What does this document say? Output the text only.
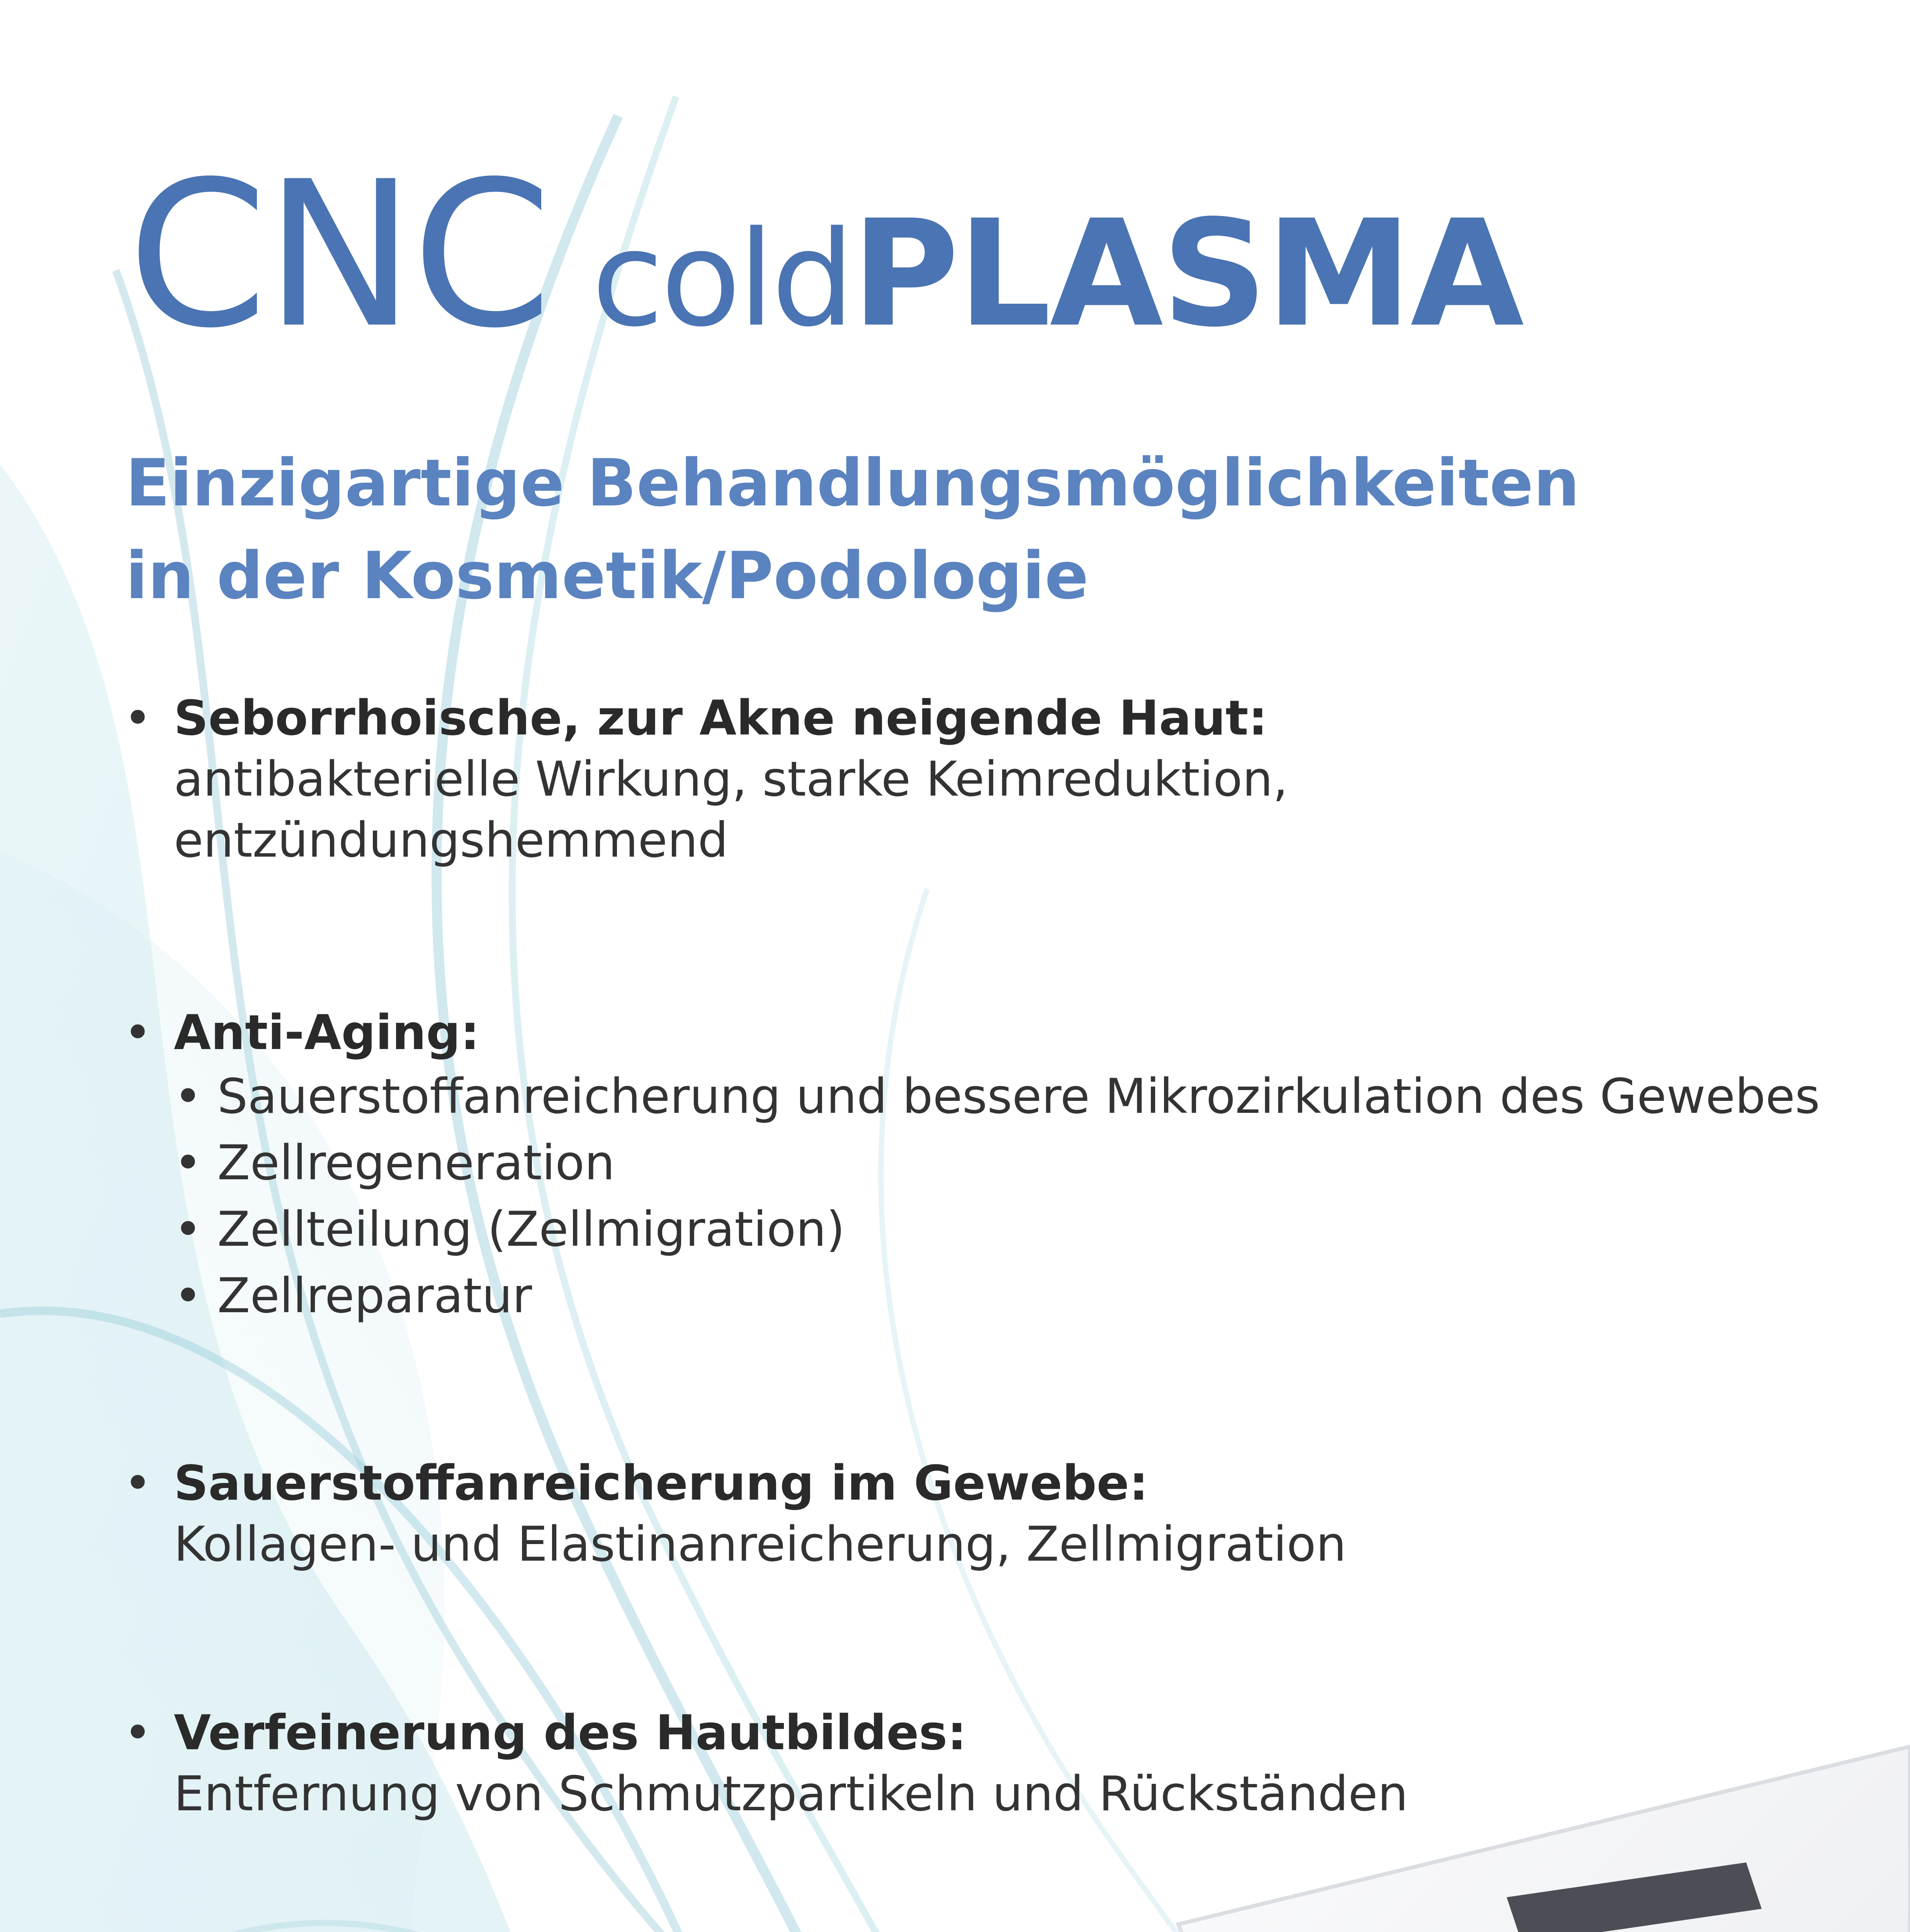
CNC coldPLASMA
Einzigartige Behandlungsmöglichkeiten
in der Kosmetik/Podologie
• Seborrhoische, zur Akne neigende Haut:
antibakterielle Wirkung, starke Keimreduktion,
entzündungshemmend
• Anti-Aging:
• Sauerstoffanreicherung und bessere Mikrozirkulation des Gewebes
• Zellregeneration
• Zellteilung (Zellmigration)
• Zellreparatur
• Sauerstoffanreicherung im Gewebe:
Kollagen- und Elastinanreicherung, Zellmigration
• Verfeinerung des Hautbildes:
Entfernung von Schmutzpartikeln und Rückständen
